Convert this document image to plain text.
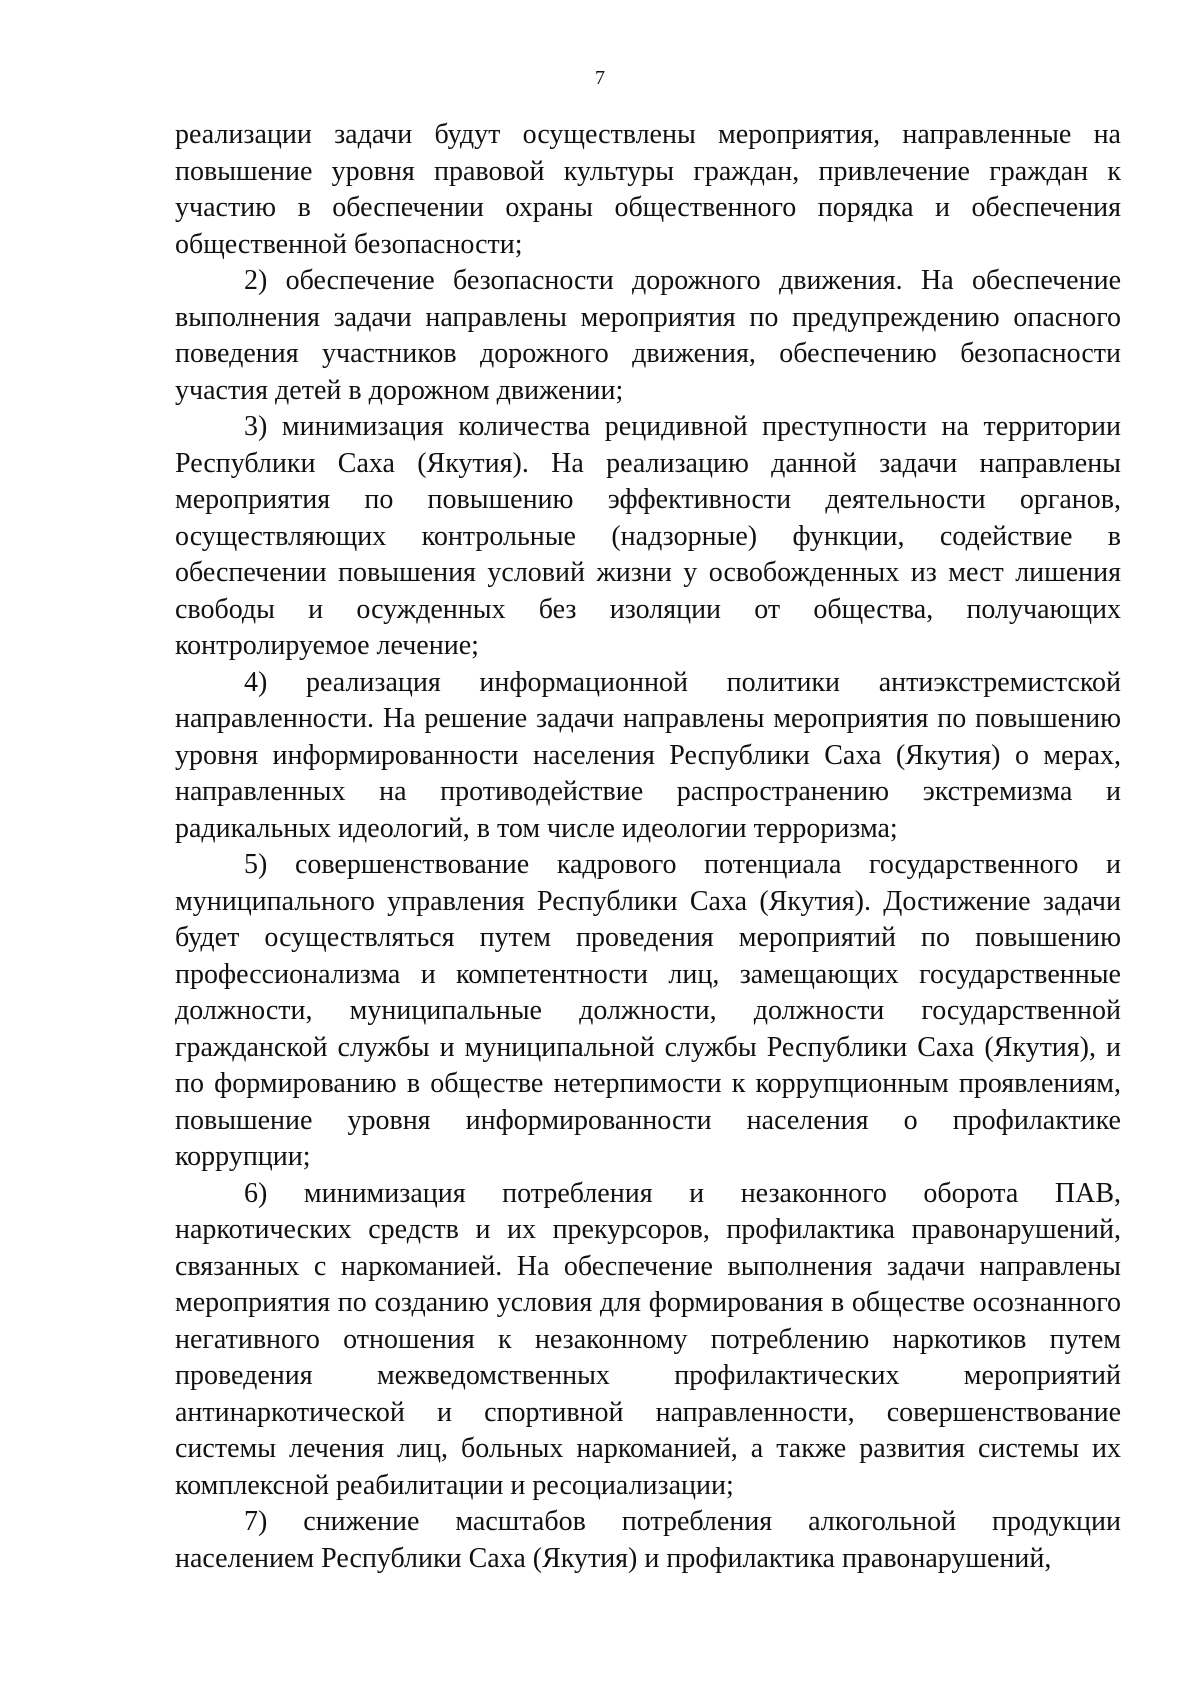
7

реализации задачи будут осуществлены мероприятия, направленные на повышение уровня правовой культуры граждан, привлечение граждан к участию в обеспечении охраны общественного порядка и обеспечения общественной безопасности;

2) обеспечение безопасности дорожного движения. На обеспечение выполнения задачи направлены мероприятия по предупреждению опасного поведения участников дорожного движения, обеспечению безопасности участия детей в дорожном движении;

3) минимизация количества рецидивной преступности на территории Республики Саха (Якутия). На реализацию данной задачи направлены мероприятия по повышению эффективности деятельности органов, осуществляющих контрольные (надзорные) функции, содействие в обеспечении повышения условий жизни у освобожденных из мест лишения свободы и осужденных без изоляции от общества, получающих контролируемое лечение;

4) реализация информационной политики антиэкстремистской направленности. На решение задачи направлены мероприятия по повышению уровня информированности населения Республики Саха (Якутия) о мерах, направленных на противодействие распространению экстремизма и радикальных идеологий, в том числе идеологии терроризма;

5) совершенствование кадрового потенциала государственного и муниципального управления Республики Саха (Якутия). Достижение задачи будет осуществляться путем проведения мероприятий по повышению профессионализма и компетентности лиц, замещающих государственные должности, муниципальные должности, должности государственной гражданской службы и муниципальной службы Республики Саха (Якутия), и по формированию в обществе нетерпимости к коррупционным проявлениям, повышение уровня информированности населения о профилактике коррупции;

6) минимизация потребления и незаконного оборота ПАВ, наркотических средств и их прекурсоров, профилактика правонарушений, связанных с наркоманией. На обеспечение выполнения задачи направлены мероприятия по созданию условия для формирования в обществе осознанного негативного отношения к незаконному потреблению наркотиков путем проведения межведомственных профилактических мероприятий антинаркотической и спортивной направленности, совершенствование системы лечения лиц, больных наркоманией, а также развития системы их комплексной реабилитации и ресоциализации;

7) снижение масштабов потребления алкогольной продукции населением Республики Саха (Якутия) и профилактика правонарушений,
